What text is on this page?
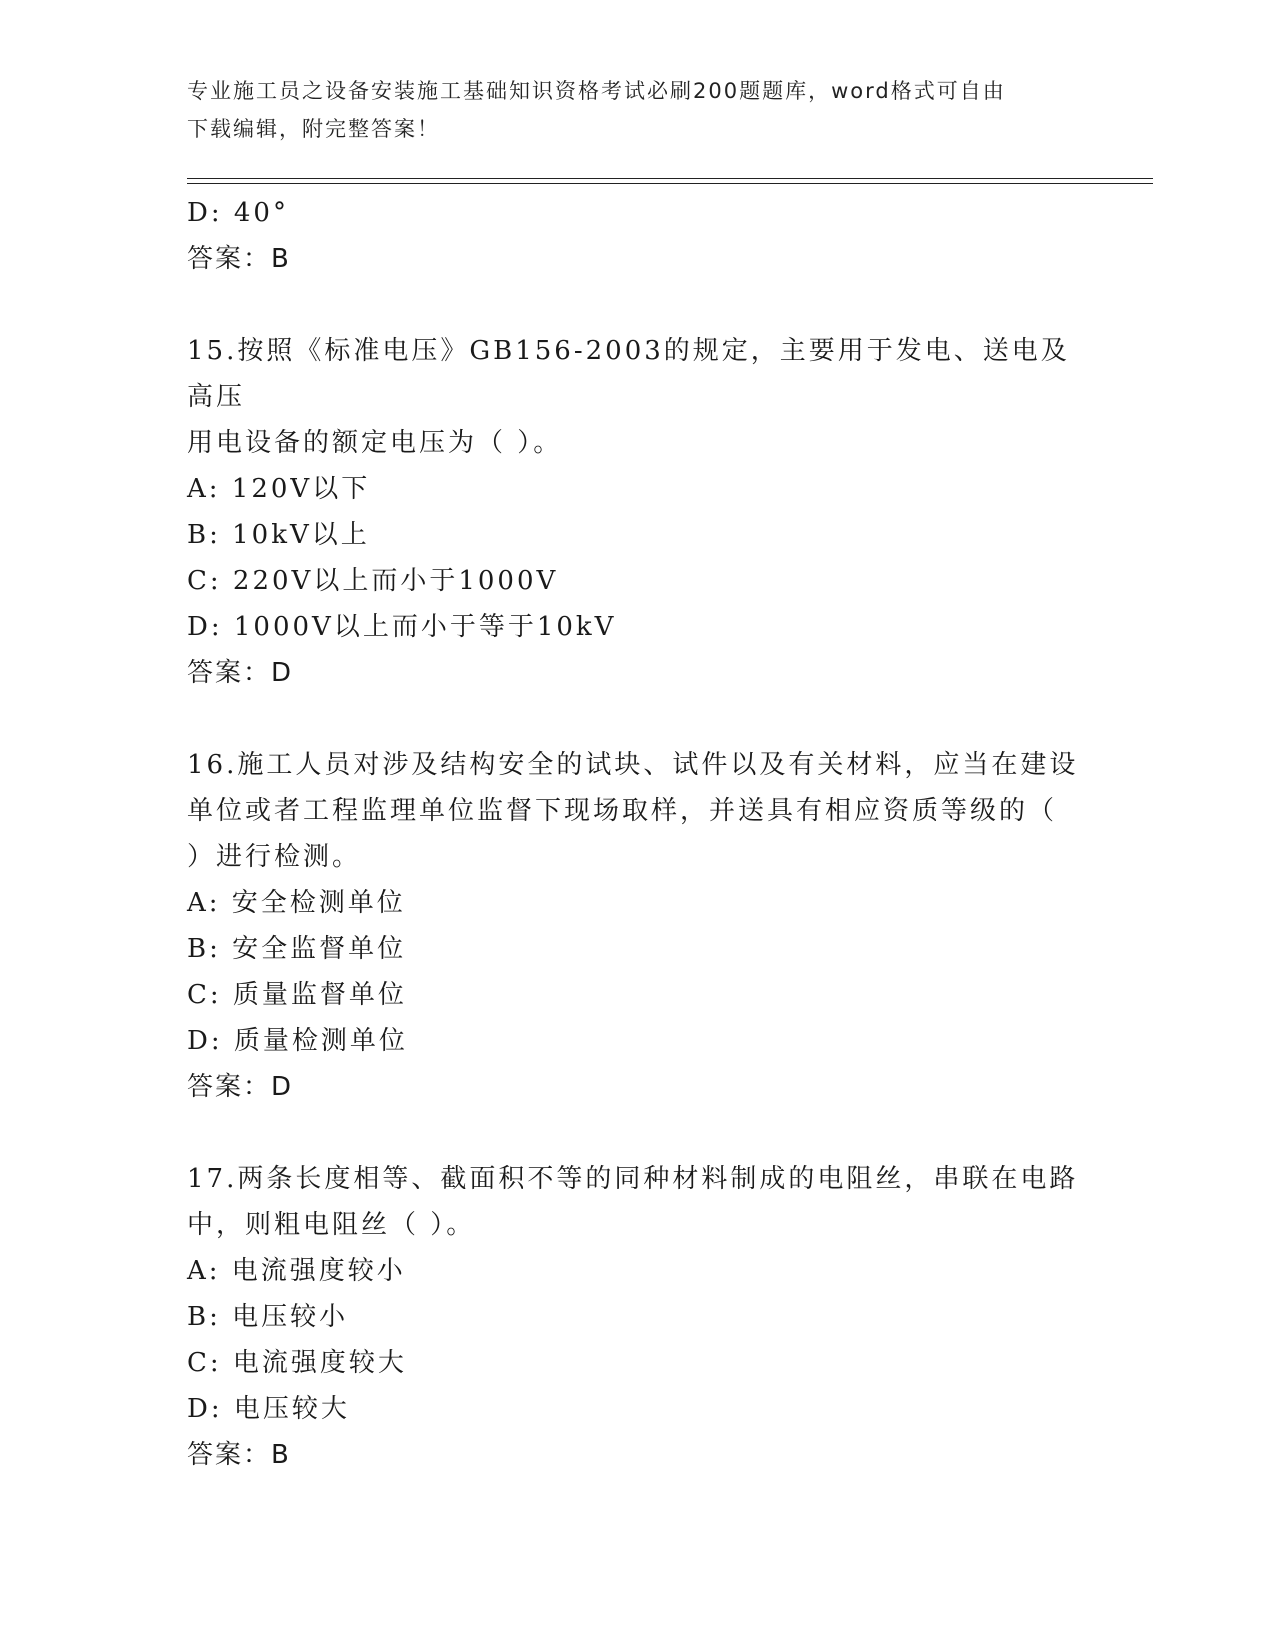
专业施工员之设备安装施工基础知识资格考试必刷200题题库，word格式可自由
下载编辑，附完整答案！
D: 40°
答案：B
15.按照《标准电压》GB156-2003的规定，主要用于发电、送电及高压
用电设备的额定电压为（ ）。
A: 120V以下
B: 10kV以上
C: 220V以上而小于1000V
D: 1000V以上而小于等于10kV
答案：D
16.施工人员对涉及结构安全的试块、试件以及有关材料，应当在建设
单位或者工程监理单位监督下现场取样，并送具有相应资质等级的（
）进行检测。
A: 安全检测单位
B: 安全监督单位
C: 质量监督单位
D: 质量检测单位
答案：D
17.两条长度相等、截面积不等的同种材料制成的电阻丝，串联在电路
中，则粗电阻丝（ ）。
A: 电流强度较小
B: 电压较小
C: 电流强度较大
D: 电压较大
答案：B
